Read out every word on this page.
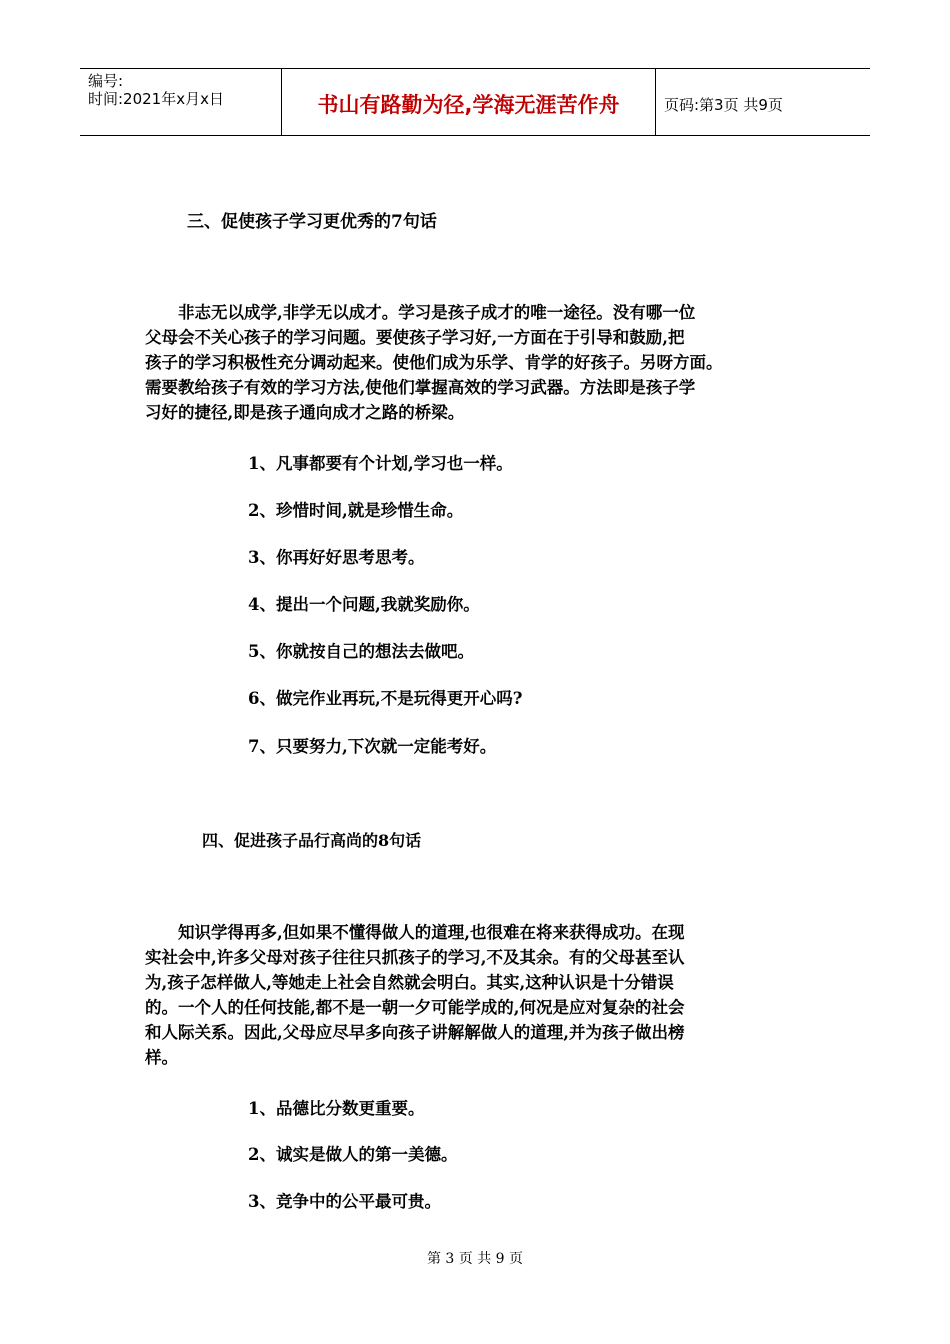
编号:
时间:2021年x月x日	书山有路勤为径,学海无涯苦作舟	页码:第3页 共9页
三、促使孩子学习更优秀的7句话
非志无以成学,非学无以成才。学习是孩子成才的唯一途径。没有哪一位
父母会不关心孩子的学习问题。要使孩子学习好,一方面在于引导和鼓励,把
孩子的学习积极性充分调动起来。使他们成为乐学、肯学的好孩子。另呀方面。
需要教给孩子有效的学习方法,使他们掌握高效的学习武器。方法即是孩子学
习好的捷径,即是孩子通向成才之路的桥梁。
1、凡事都要有个计划,学习也一样。
2、珍惜时间,就是珍惜生命。
3、你再好好思考思考。
4、提出一个问题,我就奖励你。
5、你就按自己的想法去做吧。
6、做完作业再玩,不是玩得更开心吗?
7、只要努力,下次就一定能考好。
四、促进孩子品行高尚的8句话
知识学得再多,但如果不懂得做人的道理,也很难在将来获得成功。在现
实社会中,许多父母对孩子往往只抓孩子的学习,不及其余。有的父母甚至认
为,孩子怎样做人,等她走上社会自然就会明白。其实,这种认识是十分错误
的。一个人的任何技能,都不是一朝一夕可能学成的,何况是应对复杂的社会
和人际关系。因此,父母应尽早多向孩子讲解解做人的道理,并为孩子做出榜
样。
1、品德比分数更重要。
2、诚实是做人的第一美德。
3、竞争中的公平最可贵。
第 3 页 共 9 页
